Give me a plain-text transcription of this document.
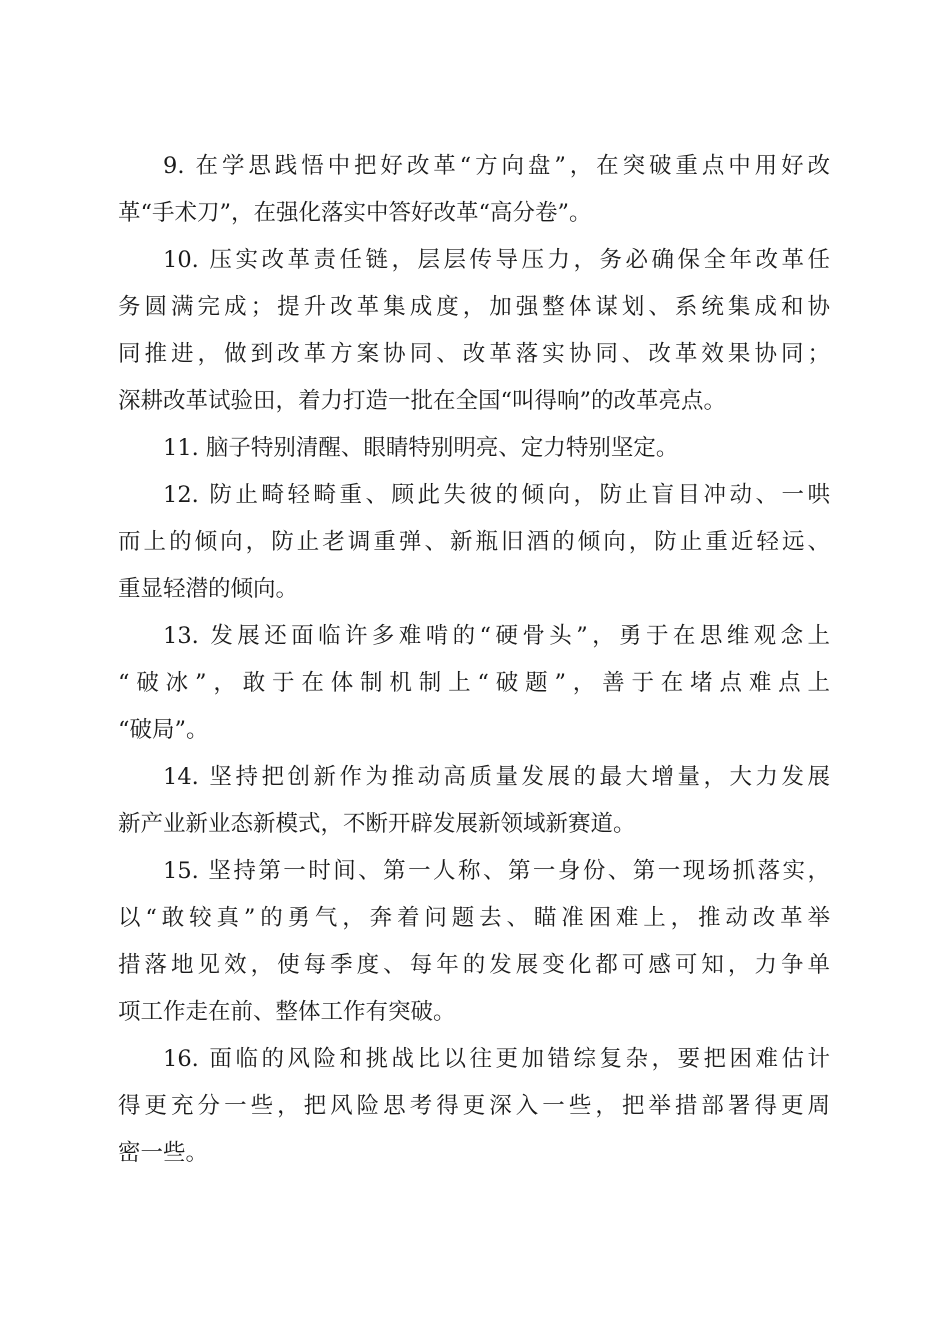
9. 在学思践悟中把好改革“方向盘”，在突破重点中用好改
革“手术刀”，在强化落实中答好改革“高分卷”。
10. 压实改革责任链，层层传导压力，务必确保全年改革任
务圆满完成；提升改革集成度，加强整体谋划、系统集成和协
同推进，做到改革方案协同、改革落实协同、改革效果协同；
深耕改革试验田，着力打造一批在全国“叫得响”的改革亮点。
11. 脑子特别清醒、眼睛特别明亮、定力特别坚定。
12. 防止畸轻畸重、顾此失彼的倾向，防止盲目冲动、一哄
而上的倾向，防止老调重弹、新瓶旧酒的倾向，防止重近轻远、
重显轻潜的倾向。
13. 发展还面临许多难啃的“硬骨头”，勇于在思维观念上
“破冰”，敢于在体制机制上“破题”，善于在堵点难点上
“破局”。
14. 坚持把创新作为推动高质量发展的最大增量，大力发展
新产业新业态新模式，不断开辟发展新领域新赛道。
15. 坚持第一时间、第一人称、第一身份、第一现场抓落实，
以“敢较真”的勇气，奔着问题去、瞄准困难上，推动改革举
措落地见效，使每季度、每年的发展变化都可感可知，力争单
项工作走在前、整体工作有突破。
16. 面临的风险和挑战比以往更加错综复杂，要把困难估计
得更充分一些，把风险思考得更深入一些，把举措部署得更周
密一些。
